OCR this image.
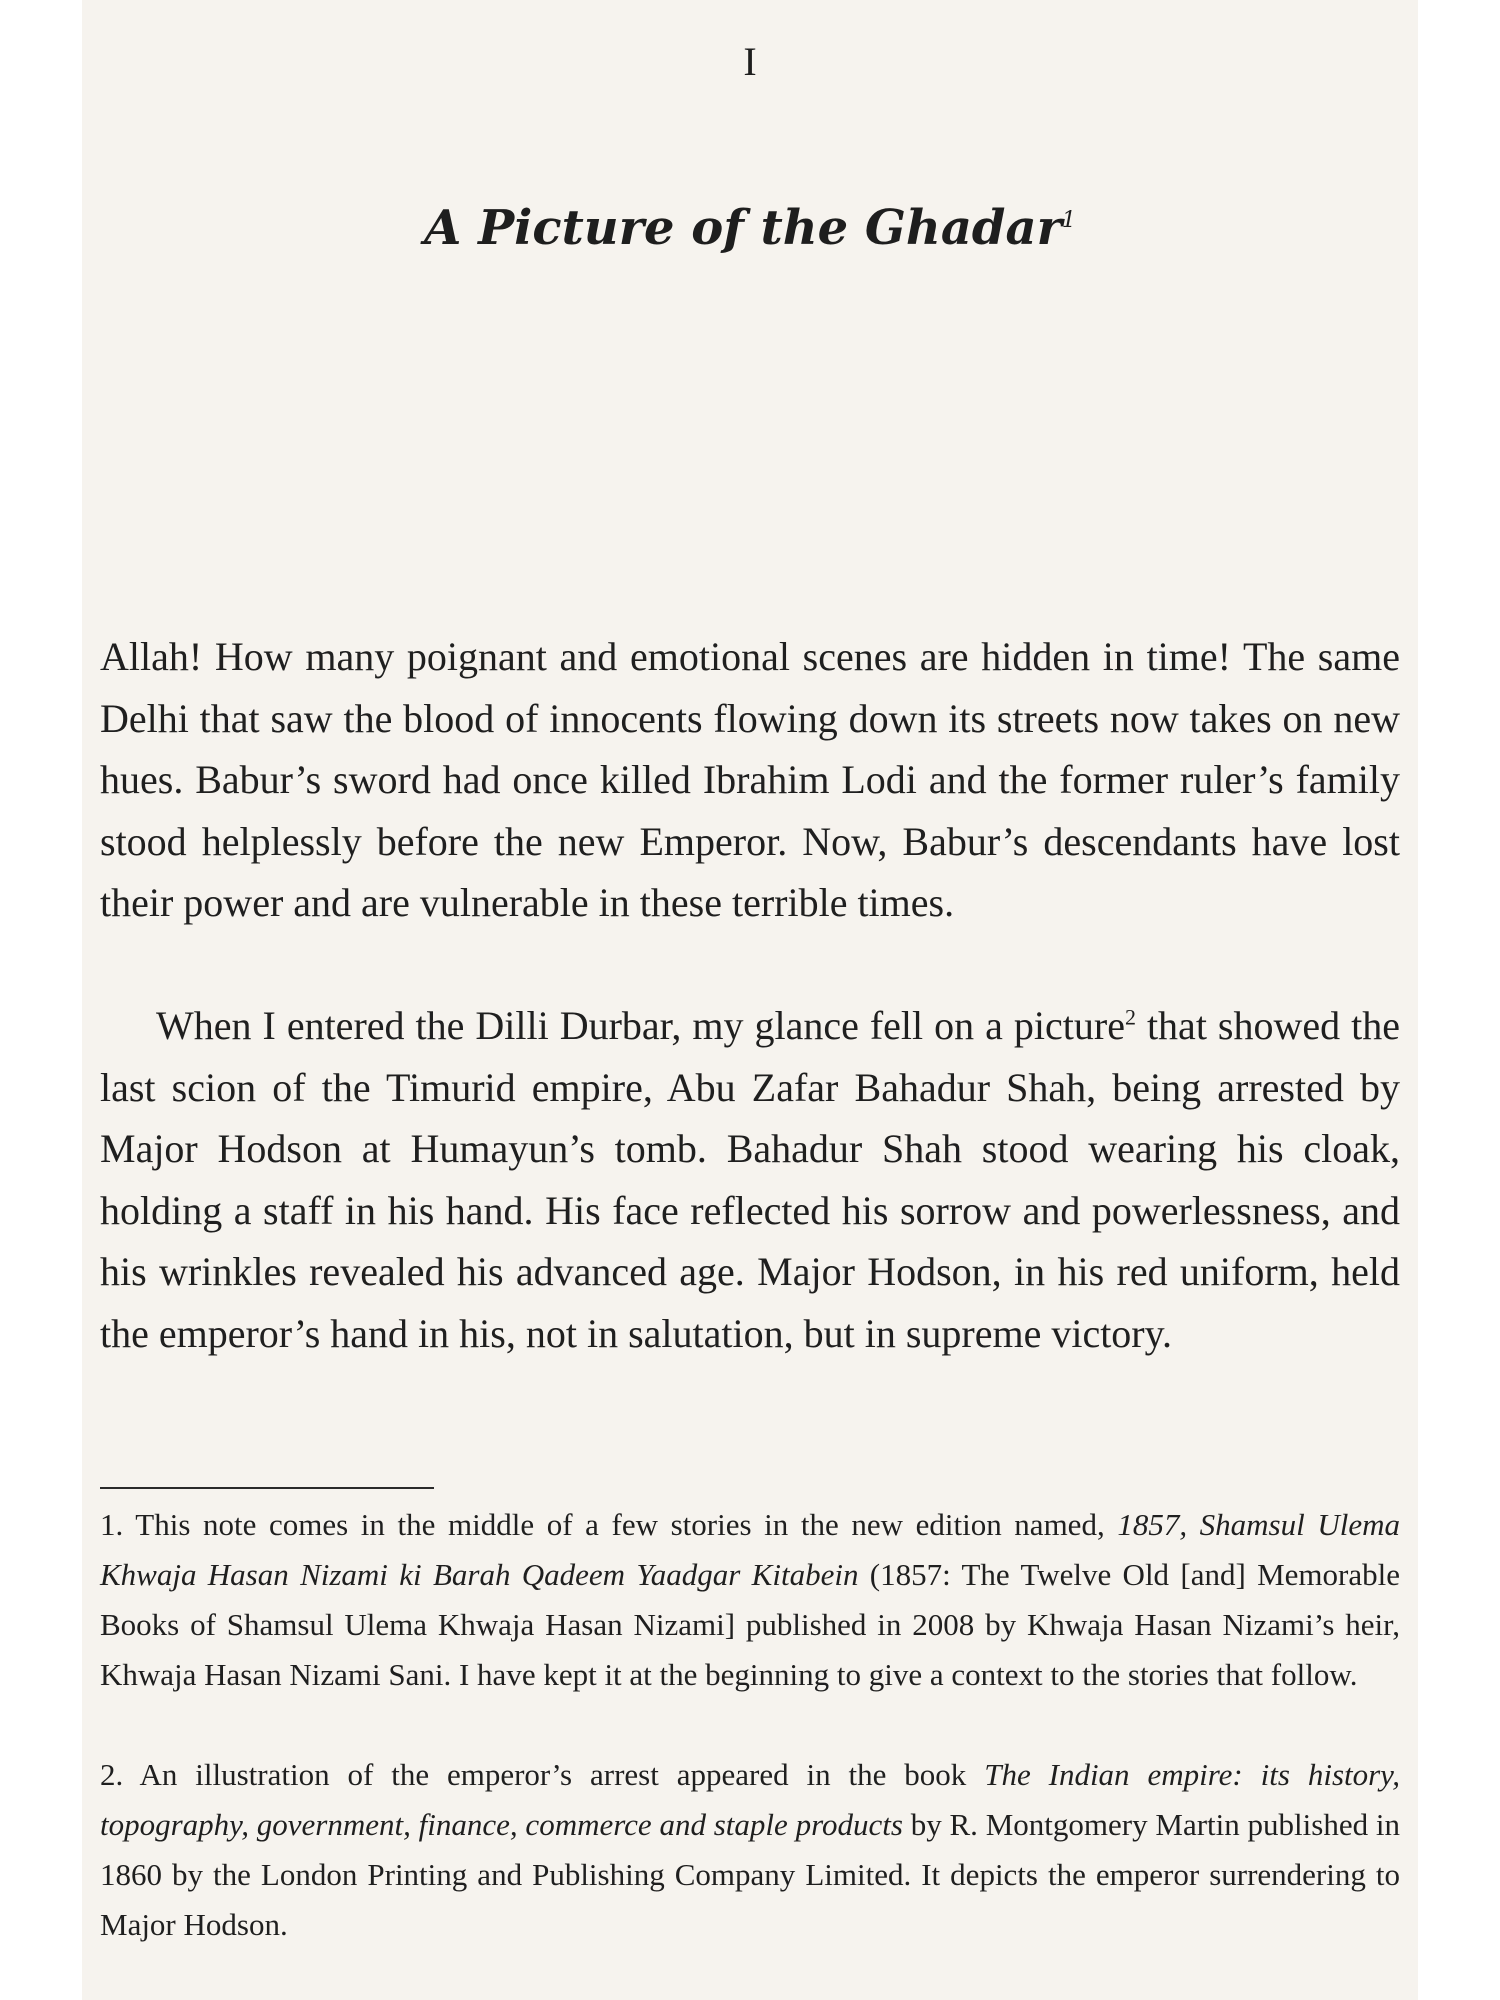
I
A Picture of the Ghadar$^1$

Allah! How many poignant and emotional scenes are hidden in time! The same Delhi that saw the blood of innocents flowing down its streets now takes on new hues. Babur’s sword had once killed Ibrahim Lodi and the former ruler’s family stood helplessly before the new Emperor. Now, Babur’s descendants have lost their power and are vulnerable in these terrible times.

When I entered the Dilli Durbar, my glance fell on a picture$^2$ that showed the last scion of the Timurid empire, Abu Zafar Bahadur Shah, being arrested by Major Hodson at Humayun’s tomb. Bahadur Shah stood wearing his cloak, holding a staff in his hand. His face reflected his sorrow and powerlessness, and his wrinkles revealed his advanced age. Major Hodson, in his red uniform, held the emperor’s hand in his, not in salutation, but in supreme victory.

1. This note comes in the middle of a few stories in the new edition named, 1857, Shamsul Ulema Khwaja Hasan Nizami ki Barah Qadeem Yaadgar Kitabein (1857: The Twelve Old [and] Memorable Books of Shamsul Ulema Khwaja Hasan Nizami] published in 2008 by Khwaja Hasan Nizami’s heir, Khwaja Hasan Nizami Sani. I have kept it at the beginning to give a context to the stories that follow.

2. An illustration of the emperor’s arrest appeared in the book The Indian empire: its history, topography, government, finance, commerce and staple products by R. Montgomery Martin published in 1860 by the London Printing and Publishing Company Limited. It depicts the emperor surrendering to Major Hodson.
